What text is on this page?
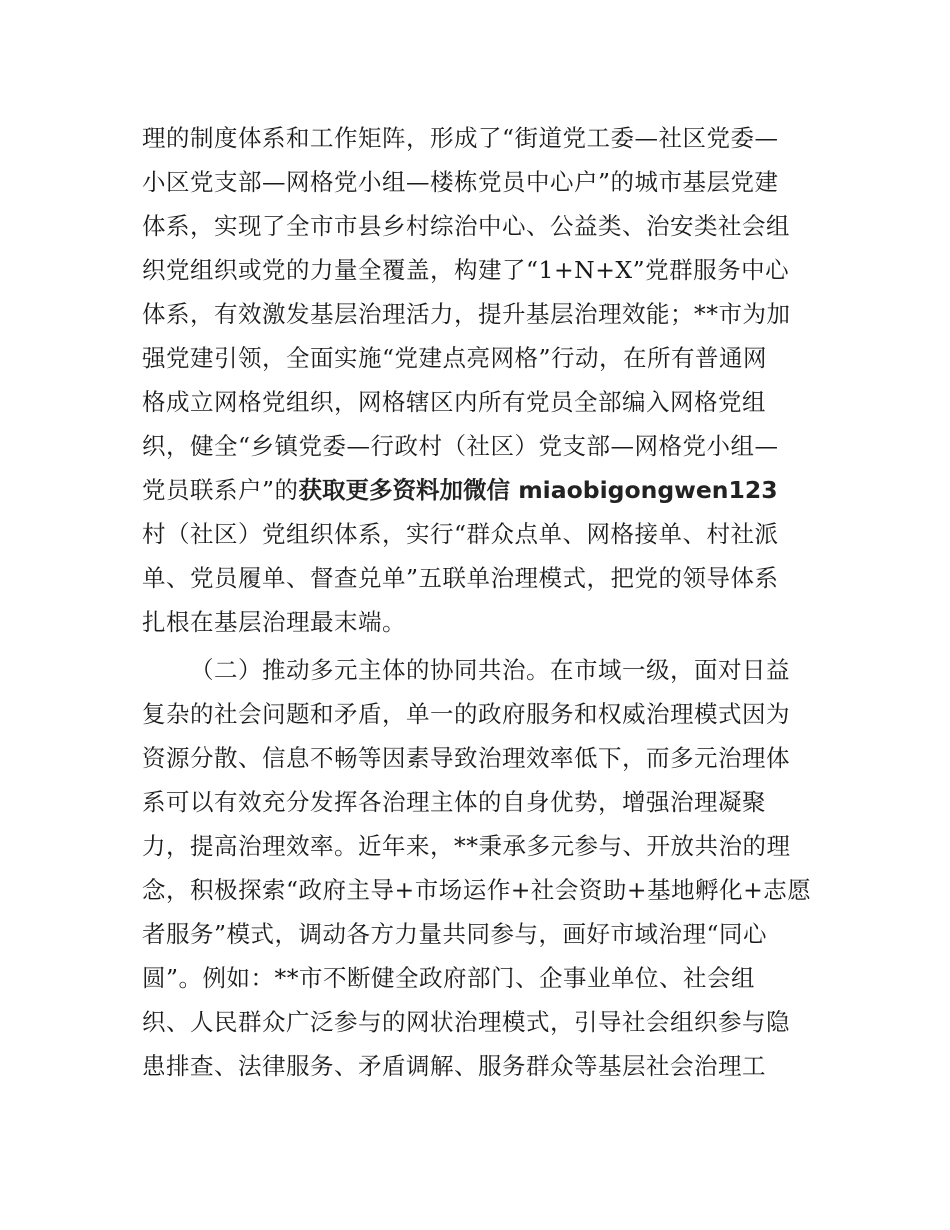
理的制度体系和工作矩阵，形成了“街道党工委—社区党委—
小区党支部—网格党小组—楼栋党员中心户”的城市基层党建
体系，实现了全市市县乡村综治中心、公益类、治安类社会组
织党组织或党的力量全覆盖，构建了“1+N+X”党群服务中心
体系，有效激发基层治理活力，提升基层治理效能；**市为加
强党建引领，全面实施“党建点亮网格”行动，在所有普通网
格成立网格党组织，网格辖区内所有党员全部编入网格党组
织，健全“乡镇党委—行政村（社区）党支部—网格党小组—
党员联系户”的获取更多资料加微信 miaobigongwen123
村（社区）党组织体系，实行“群众点单、网格接单、村社派
单、党员履单、督查兑单”五联单治理模式，把党的领导体系
扎根在基层治理最末端。
（二）推动多元主体的协同共治。在市域一级，面对日益
复杂的社会问题和矛盾，单一的政府服务和权威治理模式因为
资源分散、信息不畅等因素导致治理效率低下，而多元治理体
系可以有效充分发挥各治理主体的自身优势，增强治理凝聚
力，提高治理效率。近年来，**秉承多元参与、开放共治的理
念，积极探索“政府主导+市场运作+社会资助+基地孵化+志愿
者服务”模式，调动各方力量共同参与，画好市域治理“同心
圆”。例如：**市不断健全政府部门、企事业单位、社会组
织、人民群众广泛参与的网状治理模式，引导社会组织参与隐
患排查、法律服务、矛盾调解、服务群众等基层社会治理工
